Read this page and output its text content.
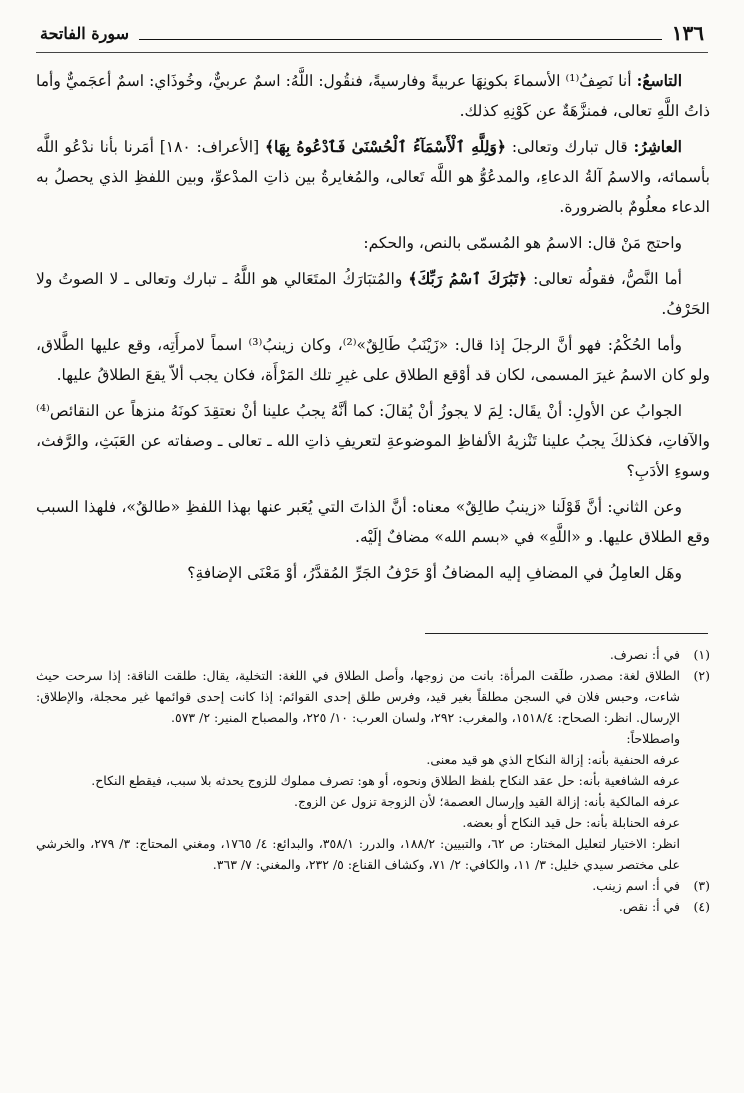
١٣٦
سورة الفاتحة

التاسعُ: أنا نَصِفُ⁽¹⁾ الأسماءَ بكونِهَا عربيةً وفارسيةً، فنقُول: اللَّهُ: اسمٌ عربيٌّ، وخُوذَاي: اسمٌ أعجَميٌّ وأما ذاتُ اللَّهِ تعالى، فمنزَّهَةٌ عن كَوْنِهِ كذلك.

العاشِرُ: قال تبارك وتعالى: ﴿وَلِلَّهِ ٱلْأَسْمَآءُ ٱلْحُسْنَىٰ فَٱدْعُوهُ بِهَا﴾ [الأعراف: ١٨٠] أمَرنا بأنا ندْعُو اللَّه بأسمائه، والاسمُ آلةُ الدعاءِ، والمدعُوُّ هو اللَّه تَعالى، والمُغايرةُ بين ذاتِ المدْعوِّ، وبين اللفظِ الذي يحصلُ به الدعاء معلُومٌ بالضرورة.

واحتج مَنْ قال: الاسمُ هو المُسمّى بالنص، والحكم:

أما النَّصُّ، فقولُه تعالى: ﴿تَبَٰرَكَ ٱسْمُ رَبِّكَ﴾ والمُتبَارَكُ المتَعَالي هو اللَّهُ ـ تبارك وتعالى ـ لا الصوتُ ولا الحَرْفُ.

وأما الحُكْمُ: فهو أنَّ الرجلَ إذا قال: «زَيْنَبُ طَالِقٌ»⁽²⁾، وكان زينبُ⁽³⁾ اسماً لامرأَتِه، وقع عليها الطَّلاق، ولو كان الاسمُ غيرَ المسمى، لكان قد أوْقع الطلاق على غيرِ تلك المَرْأَة، فكان يجب ألاّ يقعَ الطلاقُ عليها.

الجوابُ عن الأولِ: أنْ يقَال: لِمَ لا يجوزُ أنْ يُقالَ: كما أنَّهُ يجبُ علينا أنْ نعتقِدَ كونَهُ منزهاً عن النقائص⁽⁴⁾ والآفاتِ، فكذلكَ يجبُ علينا تَنْزيهُ الألفاظِ الموضوعةِ لتعريفِ ذاتِ الله ـ تعالى ـ وصفاته عن العَبَثِ، والرَّفث، وسوءِ الأدَبِ؟

وعن الثاني: أنَّ قَوْلَنا «زينبُ طالِقٌ» معناه: أنَّ الذاتَ التي يُعَبر عنها بهذا اللفظِ «طالقٌ»، فلهذا السبب وقع الطلاق عليها. و «اللَّهِ» في «بسم الله» مضافٌ إلَيْه.

وهَل العامِلُ في المضافِ إليه المضافُ أوْ حَرْفُ الجَرِّ المُقدَّرُ، أوْ مَعْنَى الإضافةِ؟

(١)
في أ: نصرف.
(٢)
الطلاق لغة: مصدر، طلَقت المرأة: بانت من زوجها، وأصل الطلاق في اللغة: التخلية، يقال: طلقت الناقة: إذا سرحت حيث شاءت، وحبس فلان في السجن مطلقاً بغير قيد، وفرس طلق إحدى القوائم: إذا كانت إحدى قوائمها غير محجلة، والإطلاق: الإرسال. انظر: الصحاح: ١٥١٨/٤، والمغرب: ٢٩٢، ولسان العرب: ١٠/ ٢٢٥، والمصباح المنير: ٢/ ٥٧٣.
واصطلاحاً:
عرفه الحنفية بأنه: إزالة النكاح الذي هو قيد معنى.
عرفه الشافعية بأنه: حل عقد النكاح بلفظ الطلاق ونحوه، أو هو: تصرف مملوك للزوج يحدثه بلا سبب، فيقطع النكاح.
عرفه المالكية بأنه: إزالة القيد وإرسال العصمة؛ لأن الزوجة تزول عن الزوج.
عرفه الحنابلة بأنه: حل قيد النكاح أو بعضه.
انظر: الاختيار لتعليل المختار: ص ٦٢، والتبيين: ١٨٨/٢، والدرر: ٣٥٨/١، والبدائع: ٤/ ١٧٦٥، ومغني المحتاج: ٣/ ٢٧٩، والخرشي على مختصر سيدي خليل: ٣/ ١١، والكافي: ٢/ ٧١، وكشاف القناع: ٥/ ٢٣٢، والمغني: ٧/ ٣٦٣.
(٣)
في أ: اسم زينب.
(٤)
في أ: نقص.
